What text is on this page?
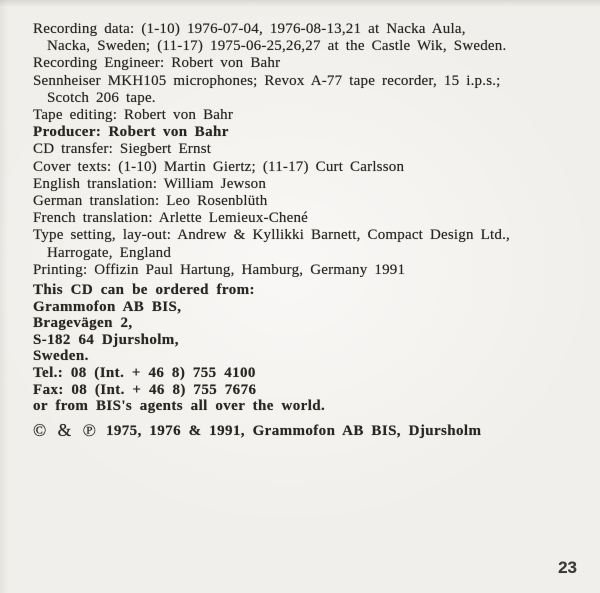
Recording data: (1-10) 1976-07-04, 1976-08-13,21 at Nacka Aula,
Nacka, Sweden; (11-17) 1975-06-25,26,27 at the Castle Wik, Sweden.
Recording Engineer: Robert von Bahr
Sennheiser MKH105 microphones; Revox A-77 tape recorder, 15 i.p.s.;
Scotch 206 tape.
Tape editing: Robert von Bahr
Producer: Robert von Bahr
CD transfer: Siegbert Ernst
Cover texts: (1-10) Martin Giertz; (11-17) Curt Carlsson
English translation: William Jewson
German translation: Leo Rosenblüth
French translation: Arlette Lemieux-Chené
Type setting, lay-out: Andrew & Kyllikki Barnett, Compact Design Ltd.,
Harrogate, England
Printing: Offizin Paul Hartung, Hamburg, Germany 1991
This CD can be ordered from:
Grammofon AB BIS,
Bragevägen 2,
S-182 64 Djursholm,
Sweden.
Tel.: 08 (Int. + 46 8) 755 4100
Fax: 08 (Int. + 46 8) 755 7676
or from BIS's agents all over the world.
© & ℗ 1975, 1976 & 1991, Grammofon AB BIS, Djursholm
23
